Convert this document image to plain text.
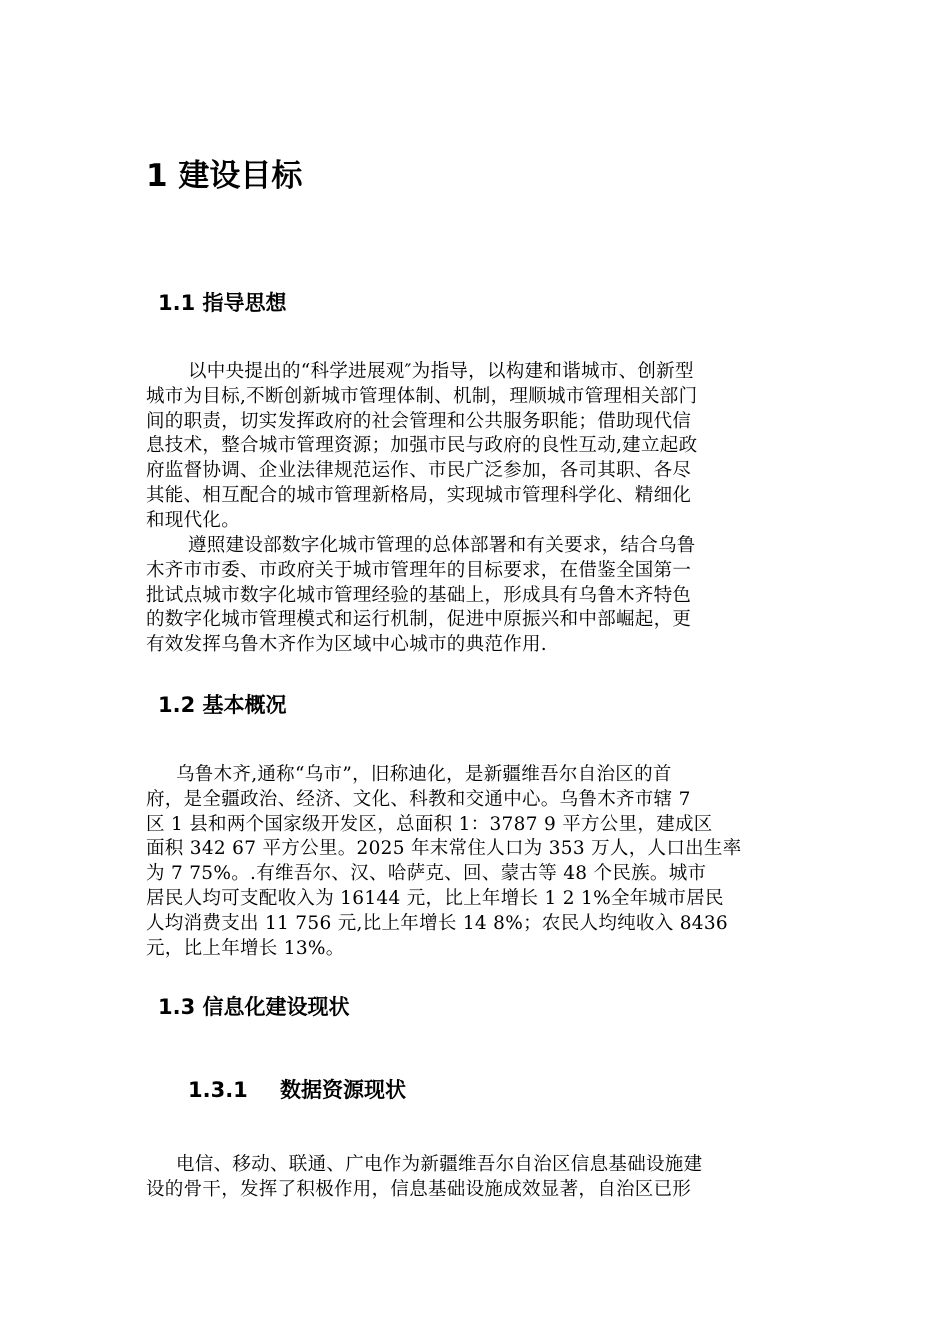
1 建设目标
1.1 指导思想
以中央提出的“科学进展观″为指导，以构建和谐城市、创新型
城市为目标,不断创新城市管理体制、机制，理顺城市管理相关部门
间的职责，切实发挥政府的社会管理和公共服务职能；借助现代信
息技术，整合城市管理资源；加强市民与政府的良性互动,建立起政
府监督协调、企业法律规范运作、市民广泛参加，各司其职、各尽
其能、相互配合的城市管理新格局，实现城市管理科学化、精细化
和现代化。
遵照建设部数字化城市管理的总体部署和有关要求，结合乌鲁
木齐市市委、市政府关于城市管理年的目标要求，在借鉴全国第一
批试点城市数字化城市管理经验的基础上，形成具有乌鲁木齐特色
的数字化城市管理模式和运行机制，促进中原振兴和中部崛起，更
有效发挥乌鲁木齐作为区域中心城市的典范作用.
1.2 基本概况
乌鲁木齐,通称“乌市”，旧称迪化，是新疆维吾尔自治区的首
府，是全疆政治、经济、文化、科教和交通中心。乌鲁木齐市辖 7
区 1 县和两个国家级开发区，总面积 1：3787 9 平方公里，建成区
面积 342 67 平方公里。2025 年末常住人口为 353 万人，人口出生率
为 7 75%。.有维吾尔、汉、哈萨克、回、蒙古等 48 个民族。城市
居民人均可支配收入为 16144 元，比上年增长 1 2 1%全年城市居民
人均消费支出 11 756 元,比上年增长 14 8%；农民人均纯收入 8436
元，比上年增长 13%。
1.3 信息化建设现状
1.3.1 数据资源现状
电信、移动、联通、广电作为新疆维吾尔自治区信息基础设施建
设的骨干，发挥了积极作用，信息基础设施成效显著，自治区已形
